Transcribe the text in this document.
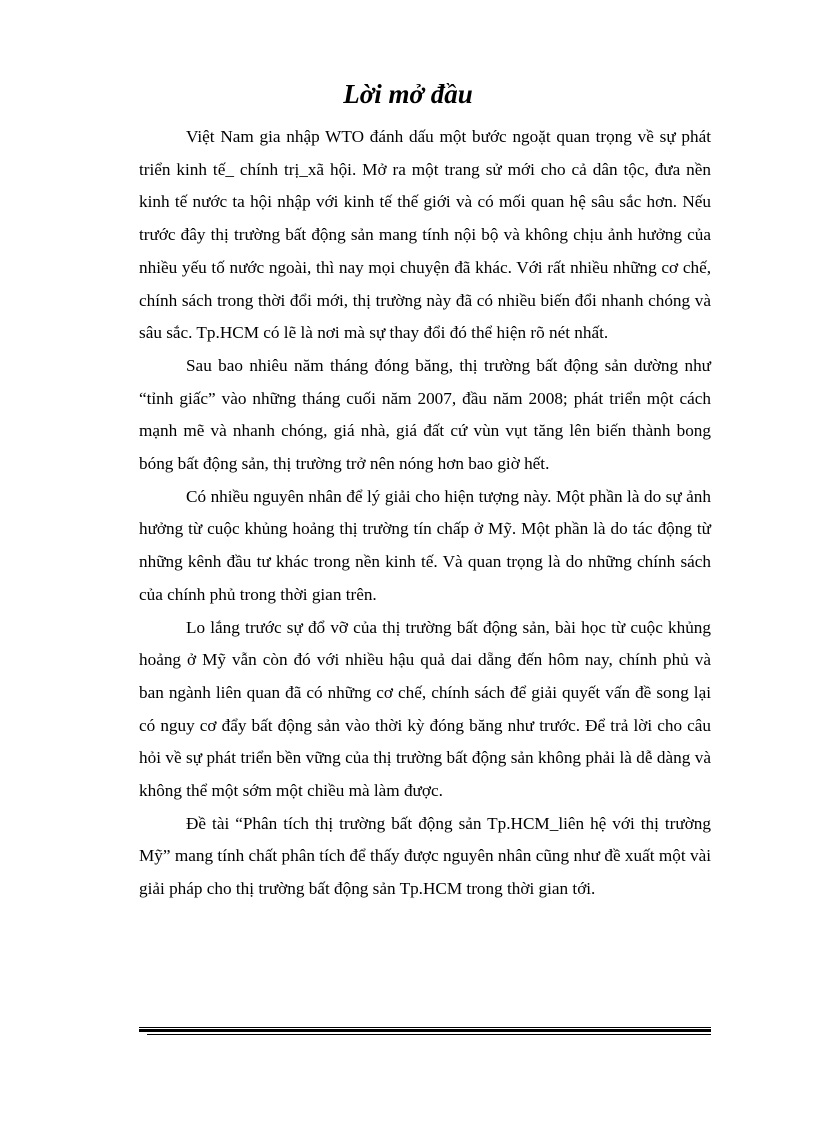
Lời mở đầu

Việt Nam gia nhập WTO đánh dấu một bước ngoặt quan trọng về sự phát triển kinh tế_ chính trị_xã hội. Mở ra một trang sử mới cho cả dân tộc, đưa nền kinh tế nước ta hội nhập với kinh tế thế giới và có mối quan hệ sâu sắc hơn. Nếu trước đây thị trường bất động sản mang tính nội bộ và không chịu ảnh hưởng của nhiều yếu tố nước ngoài, thì nay mọi chuyện đã khác. Với rất nhiều những cơ chế, chính sách trong thời đổi mới, thị trường này đã có nhiều biến đổi nhanh chóng và sâu sắc. Tp.HCM có lẽ là nơi mà sự thay đổi đó thể hiện rõ nét nhất.

Sau bao nhiêu năm tháng đóng băng, thị trường bất động sản dường như “tỉnh giấc” vào những tháng cuối năm 2007, đầu năm 2008; phát triển một cách mạnh mẽ và nhanh chóng, giá nhà, giá đất cứ vùn vụt tăng lên biến thành bong bóng bất động sản, thị trường trở nên nóng hơn bao giờ hết.

Có nhiều nguyên nhân để lý giải cho hiện tượng này. Một phần là do sự ảnh hưởng từ cuộc khủng hoảng thị trường tín chấp ở Mỹ. Một phần là do tác động từ những kênh đầu tư khác trong nền kinh tế. Và quan trọng là do những chính sách của chính phủ trong thời gian trên.

Lo lắng trước sự đổ vỡ của thị trường bất động sản, bài học từ cuộc khủng hoảng ở Mỹ vẫn còn đó với nhiều hậu quả dai dẵng đến hôm nay, chính phủ và ban ngành liên quan đã có những cơ chế, chính sách để giải quyết vấn đề song lại có nguy cơ đẩy bất động sản vào thời kỳ đóng băng như trước. Để trả lời cho câu hỏi về sự phát triển bền vững của thị trường bất động sản không phải là dễ dàng và không thể một sớm một chiều mà làm được.

Đề tài “Phân tích thị trường bất động sản Tp.HCM_liên hệ với thị trường Mỹ” mang tính chất phân tích để thấy được nguyên nhân cũng như đề xuất một vài giải pháp cho thị trường bất động sản Tp.HCM trong thời gian tới.
